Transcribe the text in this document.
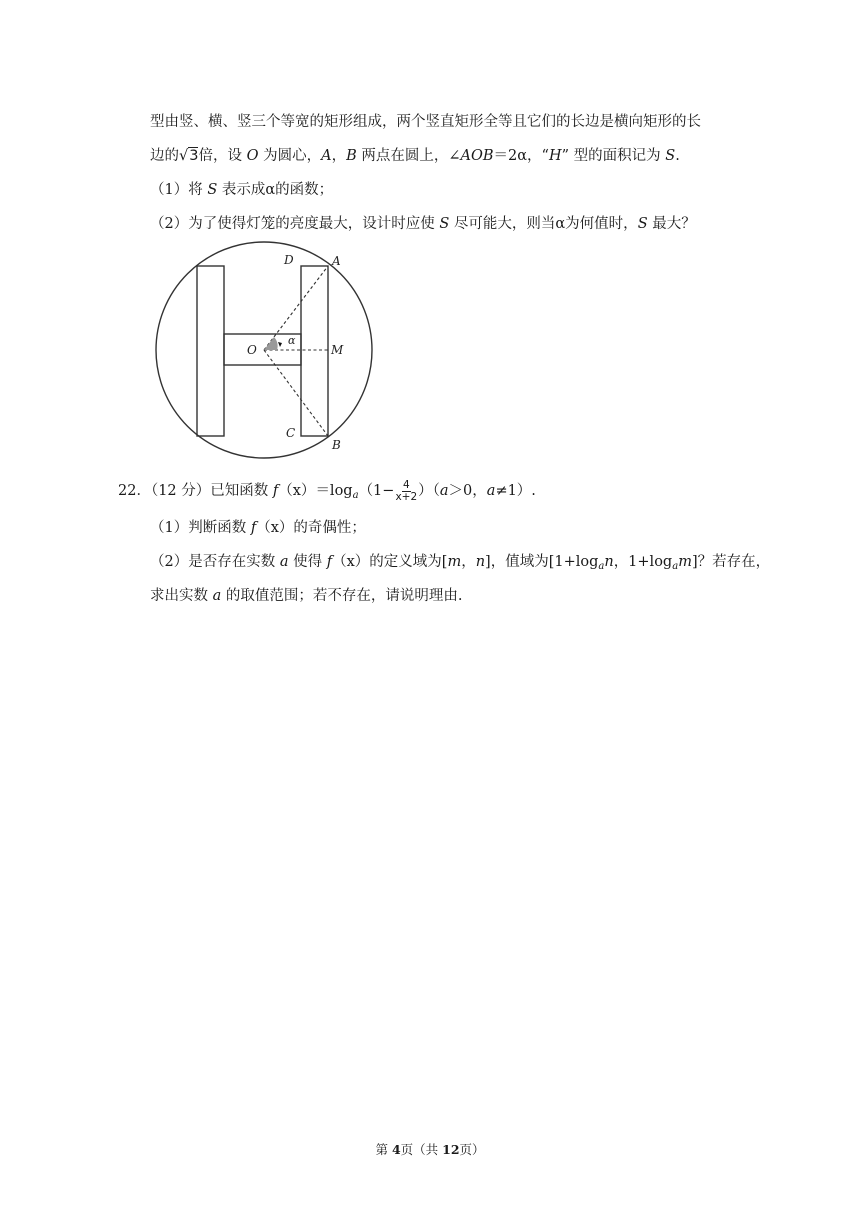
型由竖、横、竖三个等宽的矩形组成，两个竖直矩形全等且它们的长边是横向矩形的长
边的√3倍，设 O 为圆心，A，B 两点在圆上，∠AOB＝2α，“H” 型的面积记为 S.
（1）将 S 表示成α的函数；
（2）为了使得灯笼的亮度最大，设计时应使 S 尽可能大，则当α为何值时，S 最大？
D	A
O
α
M
C
B
22．（12 分）已知函数 $f(x)=\log_a(1- \frac{4}{x+2} )(a>0$，a≠1）.
（1）判断函数 f（x）的奇偶性；
（2）是否存在实数 a 使得 f（x）的定义域为[m，n]，值域为[$1+\log_an$，$1+\log_am$]？若存在，
求出实数 a 的取值范围；若不存在，请说明理由.
第 4页（共 12页）
